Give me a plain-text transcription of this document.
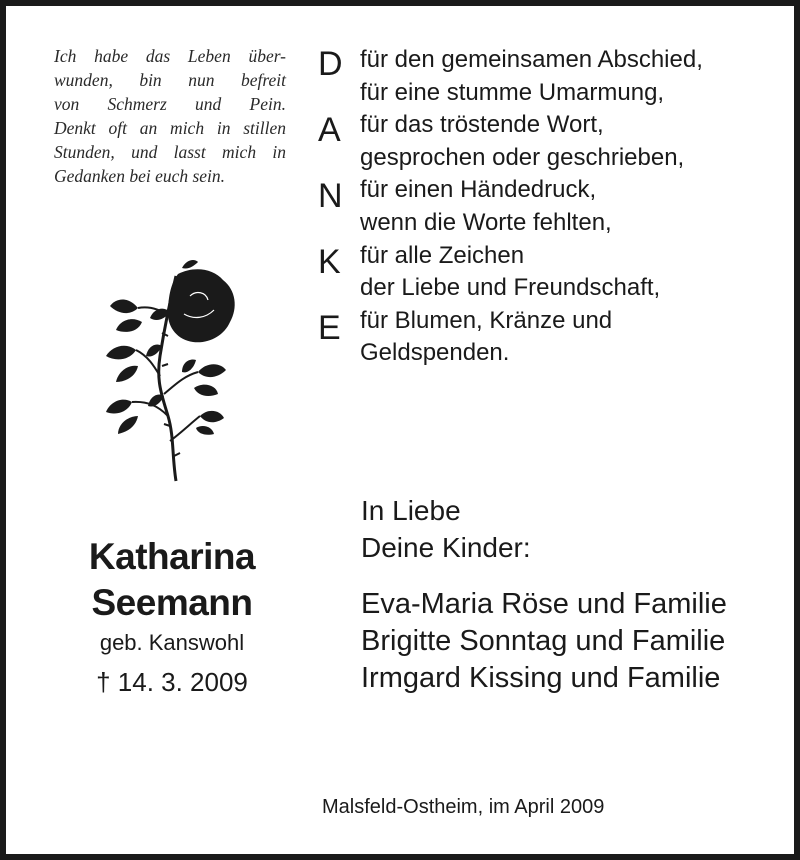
Ich habe das Leben über-
wunden, bin nun befreit
von Schmerz und Pein.
Denkt oft an mich in stillen
Stunden, und lasst mich in
Gedanken bei euch sein.
Katharina
Seemann
geb. Kanswohl
† 14. 3. 2009
D
A
N
K
E
für den gemeinsamen Abschied,
für eine stumme Umarmung,
für das tröstende Wort,
gesprochen oder geschrieben,
für einen Händedruck,
wenn die Worte fehlten,
für alle Zeichen
der Liebe und Freundschaft,
für Blumen, Kränze und
Geldspenden.
In Liebe
Deine Kinder:
Eva-Maria Röse und Familie
Brigitte Sonntag und Familie
Irmgard Kissing und Familie
Malsfeld-Ostheim, im April 2009
